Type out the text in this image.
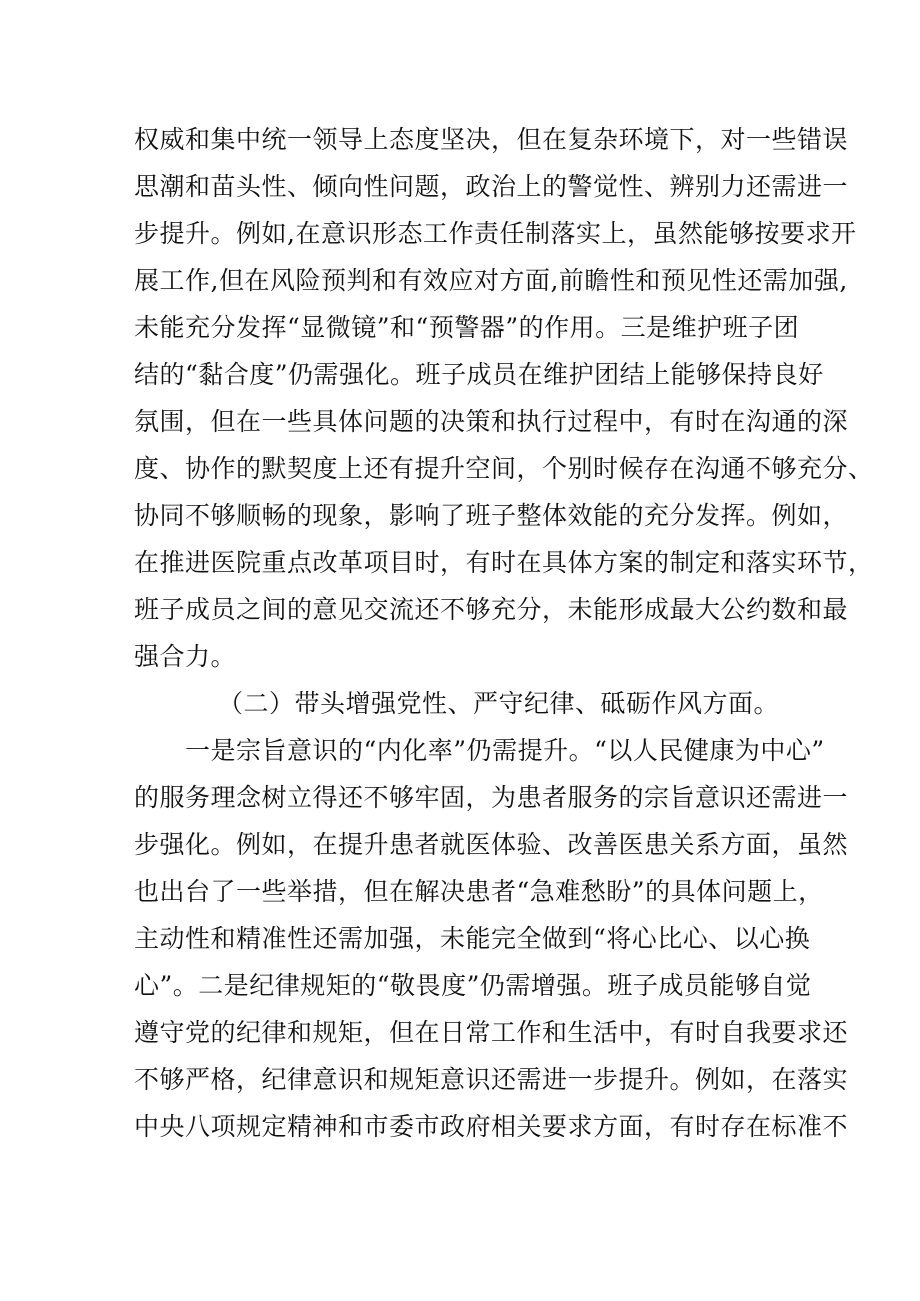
权威和集中统一领导上态度坚决，但在复杂环境下，对一些错误
思潮和苗头性、倾向性问题，政治上的警觉性、辨别力还需进一
步提升。例如,在意识形态工作责任制落实上，虽然能够按要求开
展工作,但在风险预判和有效应对方面,前瞻性和预见性还需加强,
未能充分发挥“显微镜”和“预警器”的作用。三是维护班子团
结的“黏合度”仍需强化。班子成员在维护团结上能够保持良好
氛围，但在一些具体问题的决策和执行过程中，有时在沟通的深
度、协作的默契度上还有提升空间，个别时候存在沟通不够充分、
协同不够顺畅的现象，影响了班子整体效能的充分发挥。例如，
在推进医院重点改革项目时，有时在具体方案的制定和落实环节，
班子成员之间的意见交流还不够充分，未能形成最大公约数和最
强合力。
（二）带头增强党性、严守纪律、砥砺作风方面。
一是宗旨意识的“内化率”仍需提升。“以人民健康为中心”
的服务理念树立得还不够牢固，为患者服务的宗旨意识还需进一
步强化。例如，在提升患者就医体验、改善医患关系方面，虽然
也出台了一些举措，但在解决患者“急难愁盼”的具体问题上，
主动性和精准性还需加强，未能完全做到“将心比心、以心换
心”。二是纪律规矩的“敬畏度”仍需增强。班子成员能够自觉
遵守党的纪律和规矩，但在日常工作和生活中，有时自我要求还
不够严格，纪律意识和规矩意识还需进一步提升。例如，在落实
中央八项规定精神和市委市政府相关要求方面，有时存在标准不
